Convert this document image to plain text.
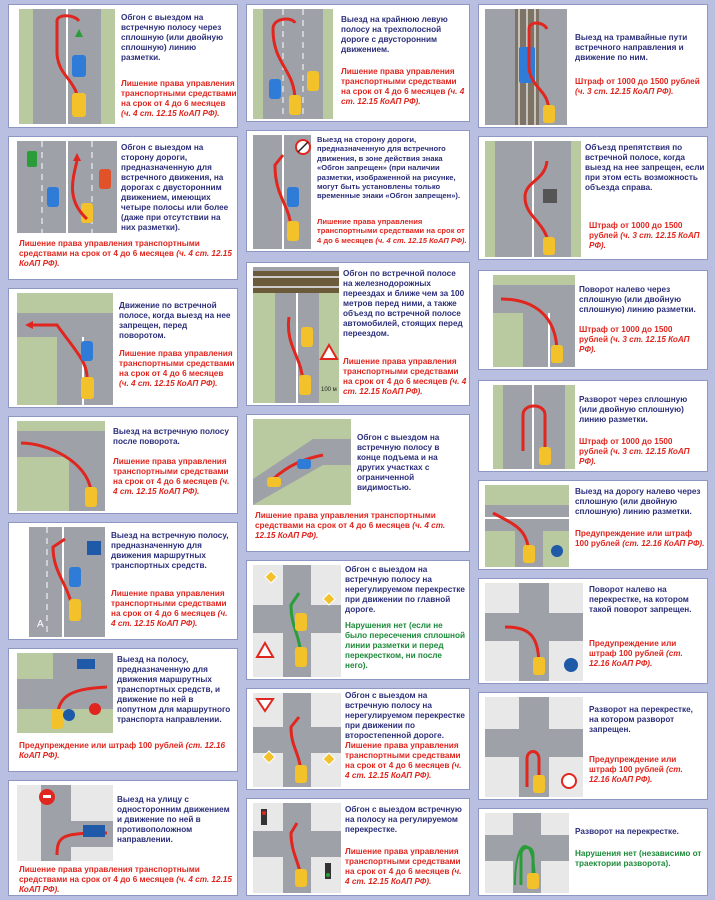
Обгон с выездом на встречную полосу через сплошную (или двойную сплошную) линию разметки.
Лишение права управления транспортными средствами на срок от 4 до 6 месяцев (ч. 4 ст. 12.15 КоАП РФ).
Обгон с выездом на сторону дороги, предназначенную для встречного движения, на дорогах с двусторонним движением, имеющих четыре полосы или более (даже при отсутствии на них разметки).
Лишение права управления транспортными средствами на срок от 4 до 6 месяцев (ч. 4 ст. 12.15 КоАП РФ).
Движение по встречной полосе, когда выезд на нее запрещен, перед поворотом.
Лишение права управления транспортными средствами на срок от 4 до 6 месяцев (ч. 4 ст. 12.15 КоАП РФ).
Выезд на встречную полосу после поворота.
Лишение права управления транспортными средствами на срок от 4 до 6 месяцев (ч. 4 ст. 12.15 КоАП РФ).
A
Выезд на встречную полосу, предназначенную для движения маршрутных транспортных средств.
Лишение права управления транспортными средствами на срок от 4 до 6 месяцев (ч. 4 ст. 12.15 КоАП РФ).
Выезд на полосу, предназначенную для движения маршрутных транспортных средств, и движение по ней в попутном для маршрутного транспорта направлении.
Предупреждение или штраф 100 рублей (ст. 12.16 КоАП РФ).
Выезд на улицу с односторонним движением и движение по ней в противоположном направлении.
Лишение права управления транспортными средствами на срок от 4 до 6 месяцев (ч. 4 ст. 12.15 КоАП РФ).
Выезд на крайнюю левую полосу на трехполосной дороге с двусторонним движением.
Лишение права управления транспортными средствами на срок от 4 до 6 месяцев (ч. 4 ст. 12.15 КоАП РФ).
Выезд на сторону дороги, предназначенную для встречного движения, в зоне действия знака «Обгон запрещен» (при наличии разметки, изображенной на рисунке, могут быть установлены только временные знаки «Обгон запрещен»).
Лишение права управления транспортными средствами на срок от 4 до 6 месяцев (ч. 4 ст. 12.15 КоАП РФ).
100 м
Обгон по встречной полосе на железнодорожных переездах и ближе чем за 100 метров перед ними, а также объезд по встречной полосе автомобилей, стоящих перед переездом.
Лишение права управления транспортными средствами на срок от 4 до 6 месяцев (ч. 4 ст. 12.15 КоАП РФ).
Обгон с выездом на встречную полосу в конце подъема и на других участках с ограниченной видимостью.
Лишение права управления транспортными средствами на срок от 4 до 6 месяцев (ч. 4 ст. 12.15 КоАП РФ).
Обгон с выездом на встречную полосу на нерегулируемом перекрестке при движении по главной дороге.
Нарушения нет (если не было пересечения сплошной линии разметки и перед перекрестком, ни после него).
Обгон с выездом на встречную полосу на нерегулируемом перекрестке при движении по второстепенной дороге.
Лишение права управления транспортными средствами на срок от 4 до 6 месяцев (ч. 4 ст. 12.15 КоАП РФ).
Обгон с выездом встречную на полосу на регулируемом перекрестке.
Лишение права управления транспортными средствами на срок от 4 до 6 месяцев (ч. 4 ст. 12.15 КоАП РФ).
Выезд на трамвайные пути встречного направления и движение по ним.
Штраф от 1000 до 1500 рублей (ч. 3 ст. 12.15 КоАП РФ).
Объезд препятствия по встречной полосе, когда выезд на нее запрещен, если при этом есть возможность объезда справа.
Штраф от 1000 до 1500 рублей (ч. 3 ст. 12.15 КоАП РФ).
Поворот налево через сплошную (или двойную сплошную) линию разметки.
Штраф от 1000 до 1500 рублей (ч. 3 ст. 12.15 КоАП РФ).
Разворот через сплошную (или двойную сплошную) линию разметки.
Штраф от 1000 до 1500 рублей (ч. 3 ст. 12.15 КоАП РФ).
Выезд на дорогу налево через сплошную (или двойную сплошную) линию разметки.
Предупреждение или штраф 100 рублей (ст. 12.16 КоАП РФ).
Поворот налево на перекрестке, на котором такой поворот запрещен.
Предупреждение или штраф 100 рублей (ст. 12.16 КоАП РФ).
Разворот на перекрестке, на котором разворот запрещен.
Предупреждение или штраф 100 рублей (ст. 12.16 КоАП РФ).
Разворот на перекрестке.
Нарушения нет (независимо от траектории разворота).
